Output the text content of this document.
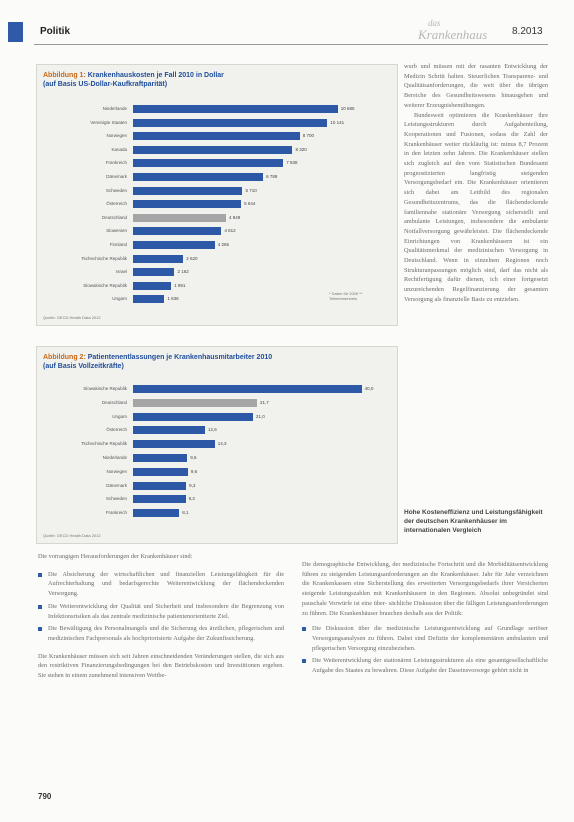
Politik
das
Krankenhaus 8.2013
Abbildung 1: Krankenhauskosten je Fall 2010 in Dollar
(auf Basis US-Dollar-Kaufkraftparität)
Niederlande	10 685
Vereinigte Staaten	10 141
Norwegen	8 700
Kanada	8 320
Frankreich	7 838
Dänemark	6 788
Schweden	5 710
Österreich	5 644
Deutschland	4 849
Slowenien	4 612
Finnland	4 265
Tschechische Republik	2 620
Israel	2 162
Slowakische Republik	1 991
Ungarn	1 636
* Daten für 2009 ** Teilnehmerkreis
Quelle: OECD Health Data 2012
Abbildung 2: Patientenentlassungen je Krankenhausmitarbeiter 2010
(auf Basis Vollzeitkräfte)
Slowakische Republik	40,0
Deutschland	21,7
Ungarn	21,0
Österreich	12,6
Tschechische Republik	14,3
Niederlande	9,5
Norwegen	9,6
Dänemark	9,3
Schweden	9,2
Frankreich	8,1
Quelle: OECD Health Data 2012

wurb und müssen mit der rasanten Entwicklung der Medizin Schritt halten. Steuerlichen Transparenz- und Qualitätsanforderungen, die weit über die übrigen Bereiche des Gesundheitswesens hinausgehen und weiterer Erzeugnisbemühungen.

Bundesweit optimieren die Krankenhäuser ihre Leistungsstrukturen durch Aufgabenteilung, Kooperationen und Fusionen, sodass die Zahl der Krankenhäuser weiter rückläufig ist: minus 8,7 Prozent in den letzten zehn Jahren. Die Krankenhäuser stellen sich zugleich auf den vom Statistischen Bundesamt prognostizierten langfristig steigenden Versorgungsbedarf ein. Die Krankenhäuser orientieren sich dabei am Leitbild des regionalen Gesundheitszentrums, das die flächendeckende familiennahe stationäre Versorgung sicherstellt und ambulante Leistungen, insbesondere die ambulante Notfallversorgung gewährleistet. Die flächendeckende Einrichtungen von Krankenhäusern ist ein Qualitätsmerkmal der medizinischen Versorgung in Deutschland. Wenn in einzelnen Regionen noch Strukturanpassungen möglich sind, darf das nicht als Rechtfertigung dafür dienen, ich einer fortgesetzt unzureichenden Regelfinanzierung der gesamten Versorgung als finanzielle Basis zu entziehen.

Hohe Kosteneffizienz und Leistungsfähigkeit der deutschen Krankenhäuser im internationalen Vergleich

Die vorrangigen Herausforderungen der Krankenhäuser sind:

Die Absicherung der wirtschaftlichen und finanziellen Leistungsfähigkeit für die Aufrechterhaltung und bedarfsgerechte Weiterentwicklung der flächendeckenden Versorgung.
Die Weiterentwicklung der Qualität und Sicherheit und insbesondere die Begrenzung von Infektionsrisiken als das zentrale medizinische patientenorientierte Ziel.
Die Bewältigung des Personalmangels und die Sicherung des ärztlichen, pflegerischen und medizinischen Fachpersonals als hochpriorisierte Aufgabe der Zukunftssicherung.

Die Krankenhäuser müssen sich seit Jahren einschneidenden Veränderungen stellen, die sich aus den restriktiven Finanzierungsbedingungen bei den Betriebskosten und Investitionen ergeben. Sie stehen in einem zunehmend intensiven Wettbe-

Die demographische Entwicklung, der medizinische Fortschritt und die Morbiditätsentwicklung führen zu steigenden Leistungsanforderungen an die Krankenhäuser. Jahr für Jahr verzeichnen die Krankenkassen eine Sicherstellung des erweiterten Versorgungsbedarfs ihrer Versicherten steigende Leistungszahlen mit Krankenhäusern in den Regionen. Absolut unbegründet sind pauschale Vorwürfe ist eine über- sächliche Diskussion über die fälligen Leistungsanforderungen zu führen. Die Krankenhäuser brauchen deshalb aus der Politik:

Die Diskussion über die medizinische Leistungsentwicklung auf Grundlage seriöser Versorgungsanalysen zu führen. Dabei sind Defizite der komplementären ambulanten und pflegerischen Versorgung einzubeziehen.
Die Weiterentwicklung der stationären Leistungsstrukturen als eine gesamtgesellschaftliche Aufgabe des Staates zu bewahren. Diese Aufgabe der Daseinsvorsorge gehört nicht in
790
